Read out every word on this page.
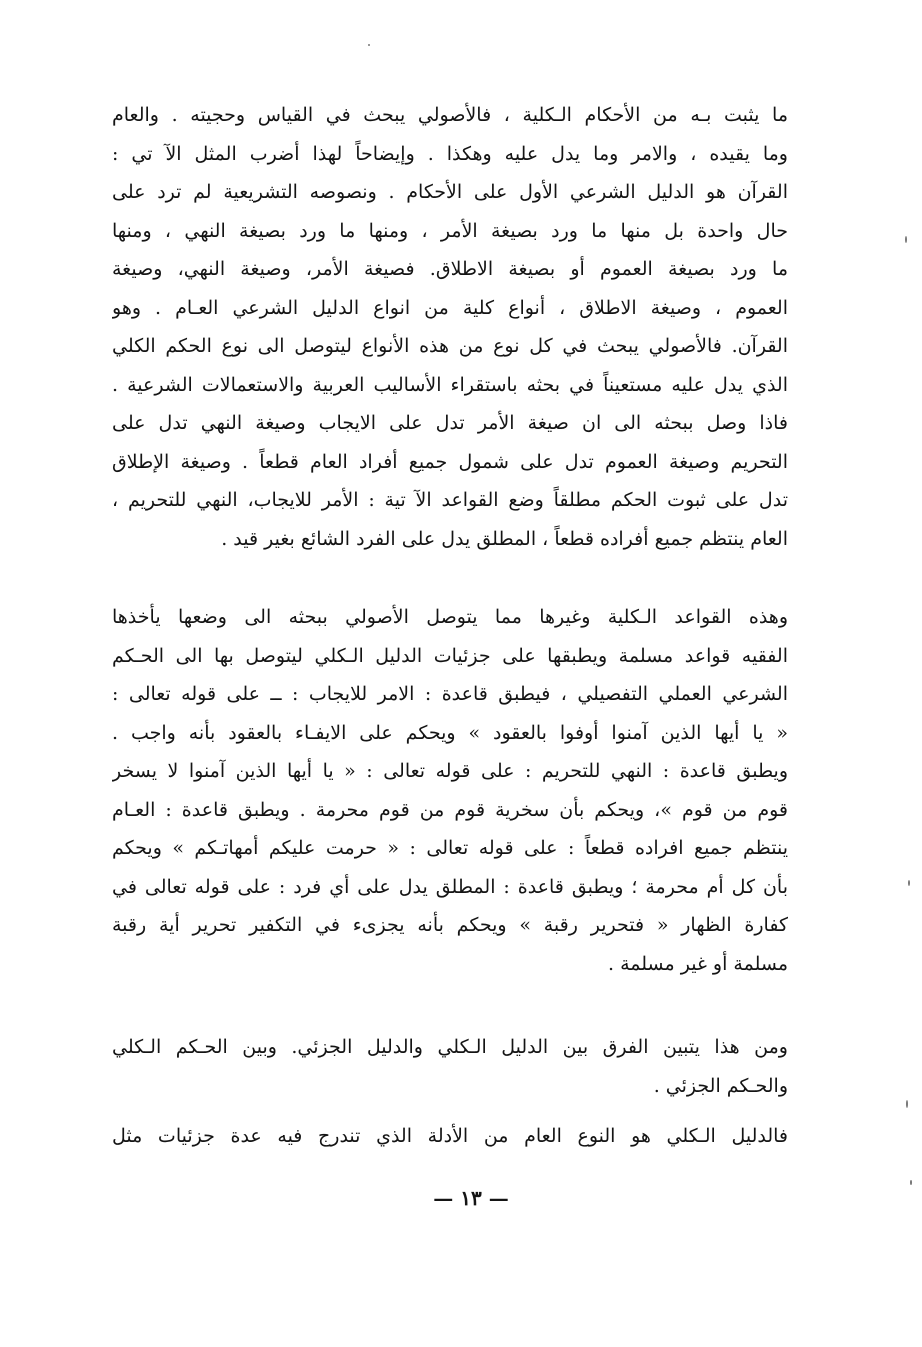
ما يثبت بـه من الأحكام الـكلية ، فالأصولي يبحث في القياس وحجيته . والعام
وما يقيده ، والامر وما يدل عليه وهكذا . وإيضاحاً لهذا أضرب المثل الآ تي :
القرآن هو الدليل الشرعي الأول على الأحكام . ونصوصه التشريعية لم ترد على
حال واحدة بل منها ما ورد بصيغة الأمر ، ومنها ما ورد بصيغة النهي ، ومنها
ما ورد بصيغة العموم أو بصيغة الاطلاق. فصيغة الأمر، وصيغة النهي، وصيغة
العموم ، وصيغة الاطلاق ، أنواع كلية من انواع الدليل الشرعي العـام . وهو
القرآن. فالأصولي يبحث في كل نوع من هذه الأنواع ليتوصل الى نوع الحكم الكلي
الذي يدل عليه مستعيناً في بحثه باستقراء الأساليب العربية والاستعمالات الشرعية .
فاذا وصل ببحثه الى ان صيغة الأمر تدل على الايجاب وصيغة النهي تدل على
التحريم وصيغة العموم تدل على شمول جميع أفراد العام قطعاً . وصيغة الإطلاق
تدل على ثبوت الحكم مطلقاً وضع القواعد الآ تية : الأمر للايجاب، النهي للتحريم ،
العام ينتظم جميع أفراده قطعاً ، المطلق يدل على الفرد الشائع بغير قيد .
وهذه القواعد الـكلية وغيرها مما يتوصل الأصولي ببحثه الى وضعها يأخذها
الفقيه قواعد مسلمة ويطبقها على جزئيات الدليل الـكلي ليتوصل بها الى الحـكم
الشرعي العملي التفصيلي ، فيطبق قاعدة : الامر للايجاب : ــ على قوله تعالى :
« يا أيها الذين آمنوا أوفوا بالعقود » ويحكم على الايفـاء بالعقود بأنه واجب .
ويطبق قاعدة : النهي للتحريم : على قوله تعالى : « يا أيها الذين آمنوا لا يسخر
قوم من قوم »، ويحكم بأن سخرية قوم من قوم محرمة . ويطبق قاعدة : العـام
ينتظم جميع افراده قطعاً : على قوله تعالى : « حرمت عليكم أمهاتـكم » ويحكم
بأن كل أم محرمة ؛ ويطبق قاعدة : المطلق يدل على أي فرد : على قوله تعالى في
كفارة الظهار « فتحرير رقبة » ويحكم بأنه يجزىء في التكفير تحرير أية رقبة
مسلمة أو غير مسلمة .
ومن هذا يتبين الفرق بين الدليل الـكلي والدليل الجزئي. وبين الحـكم الـكلي
والحـكم الجزئي .
فالدليل الـكلي هو النوع العام من الأدلة الذي تندرج فيه عدة جزئيات مثل
— ١٣ —
